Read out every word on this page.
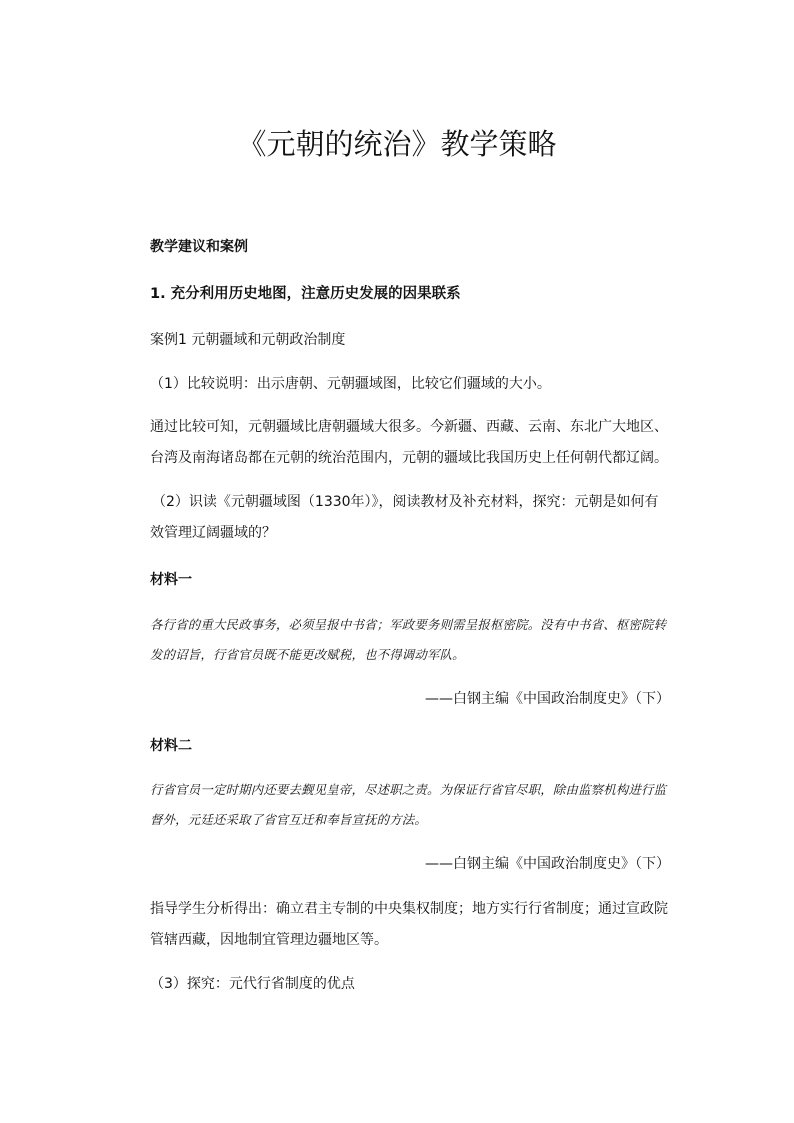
《元朝的统治》教学策略

教学建议和案例

1. 充分利用历史地图，注意历史发展的因果联系

案例1 元朝疆域和元朝政治制度

（1）比较说明：出示唐朝、元朝疆域图，比较它们疆域的大小。

通过比较可知，元朝疆域比唐朝疆域大很多。今新疆、西藏、云南、东北广大地区、台湾及南海诸岛都在元朝的统治范围内，元朝的疆域比我国历史上任何朝代都辽阔。

（2）识读《元朝疆域图（1330年）》，阅读教材及补充材料，探究：元朝是如何有效管理辽阔疆域的？

材料一

各行省的重大民政事务，必须呈报中书省；军政要务则需呈报枢密院。没有中书省、枢密院转发的诏旨，行省官员既不能更改赋税，也不得调动军队。

——白钢主编《中国政治制度史》（下）

材料二

行省官员一定时期内还要去觐见皇帝，尽述职之责。为保证行省官尽职，除由监察机构进行监督外，元廷还采取了省官互迁和奉旨宣抚的方法。

——白钢主编《中国政治制度史》（下）

指导学生分析得出：确立君主专制的中央集权制度；地方实行行省制度；通过宣政院管辖西藏，因地制宜管理边疆地区等。

（3）探究：元代行省制度的优点
